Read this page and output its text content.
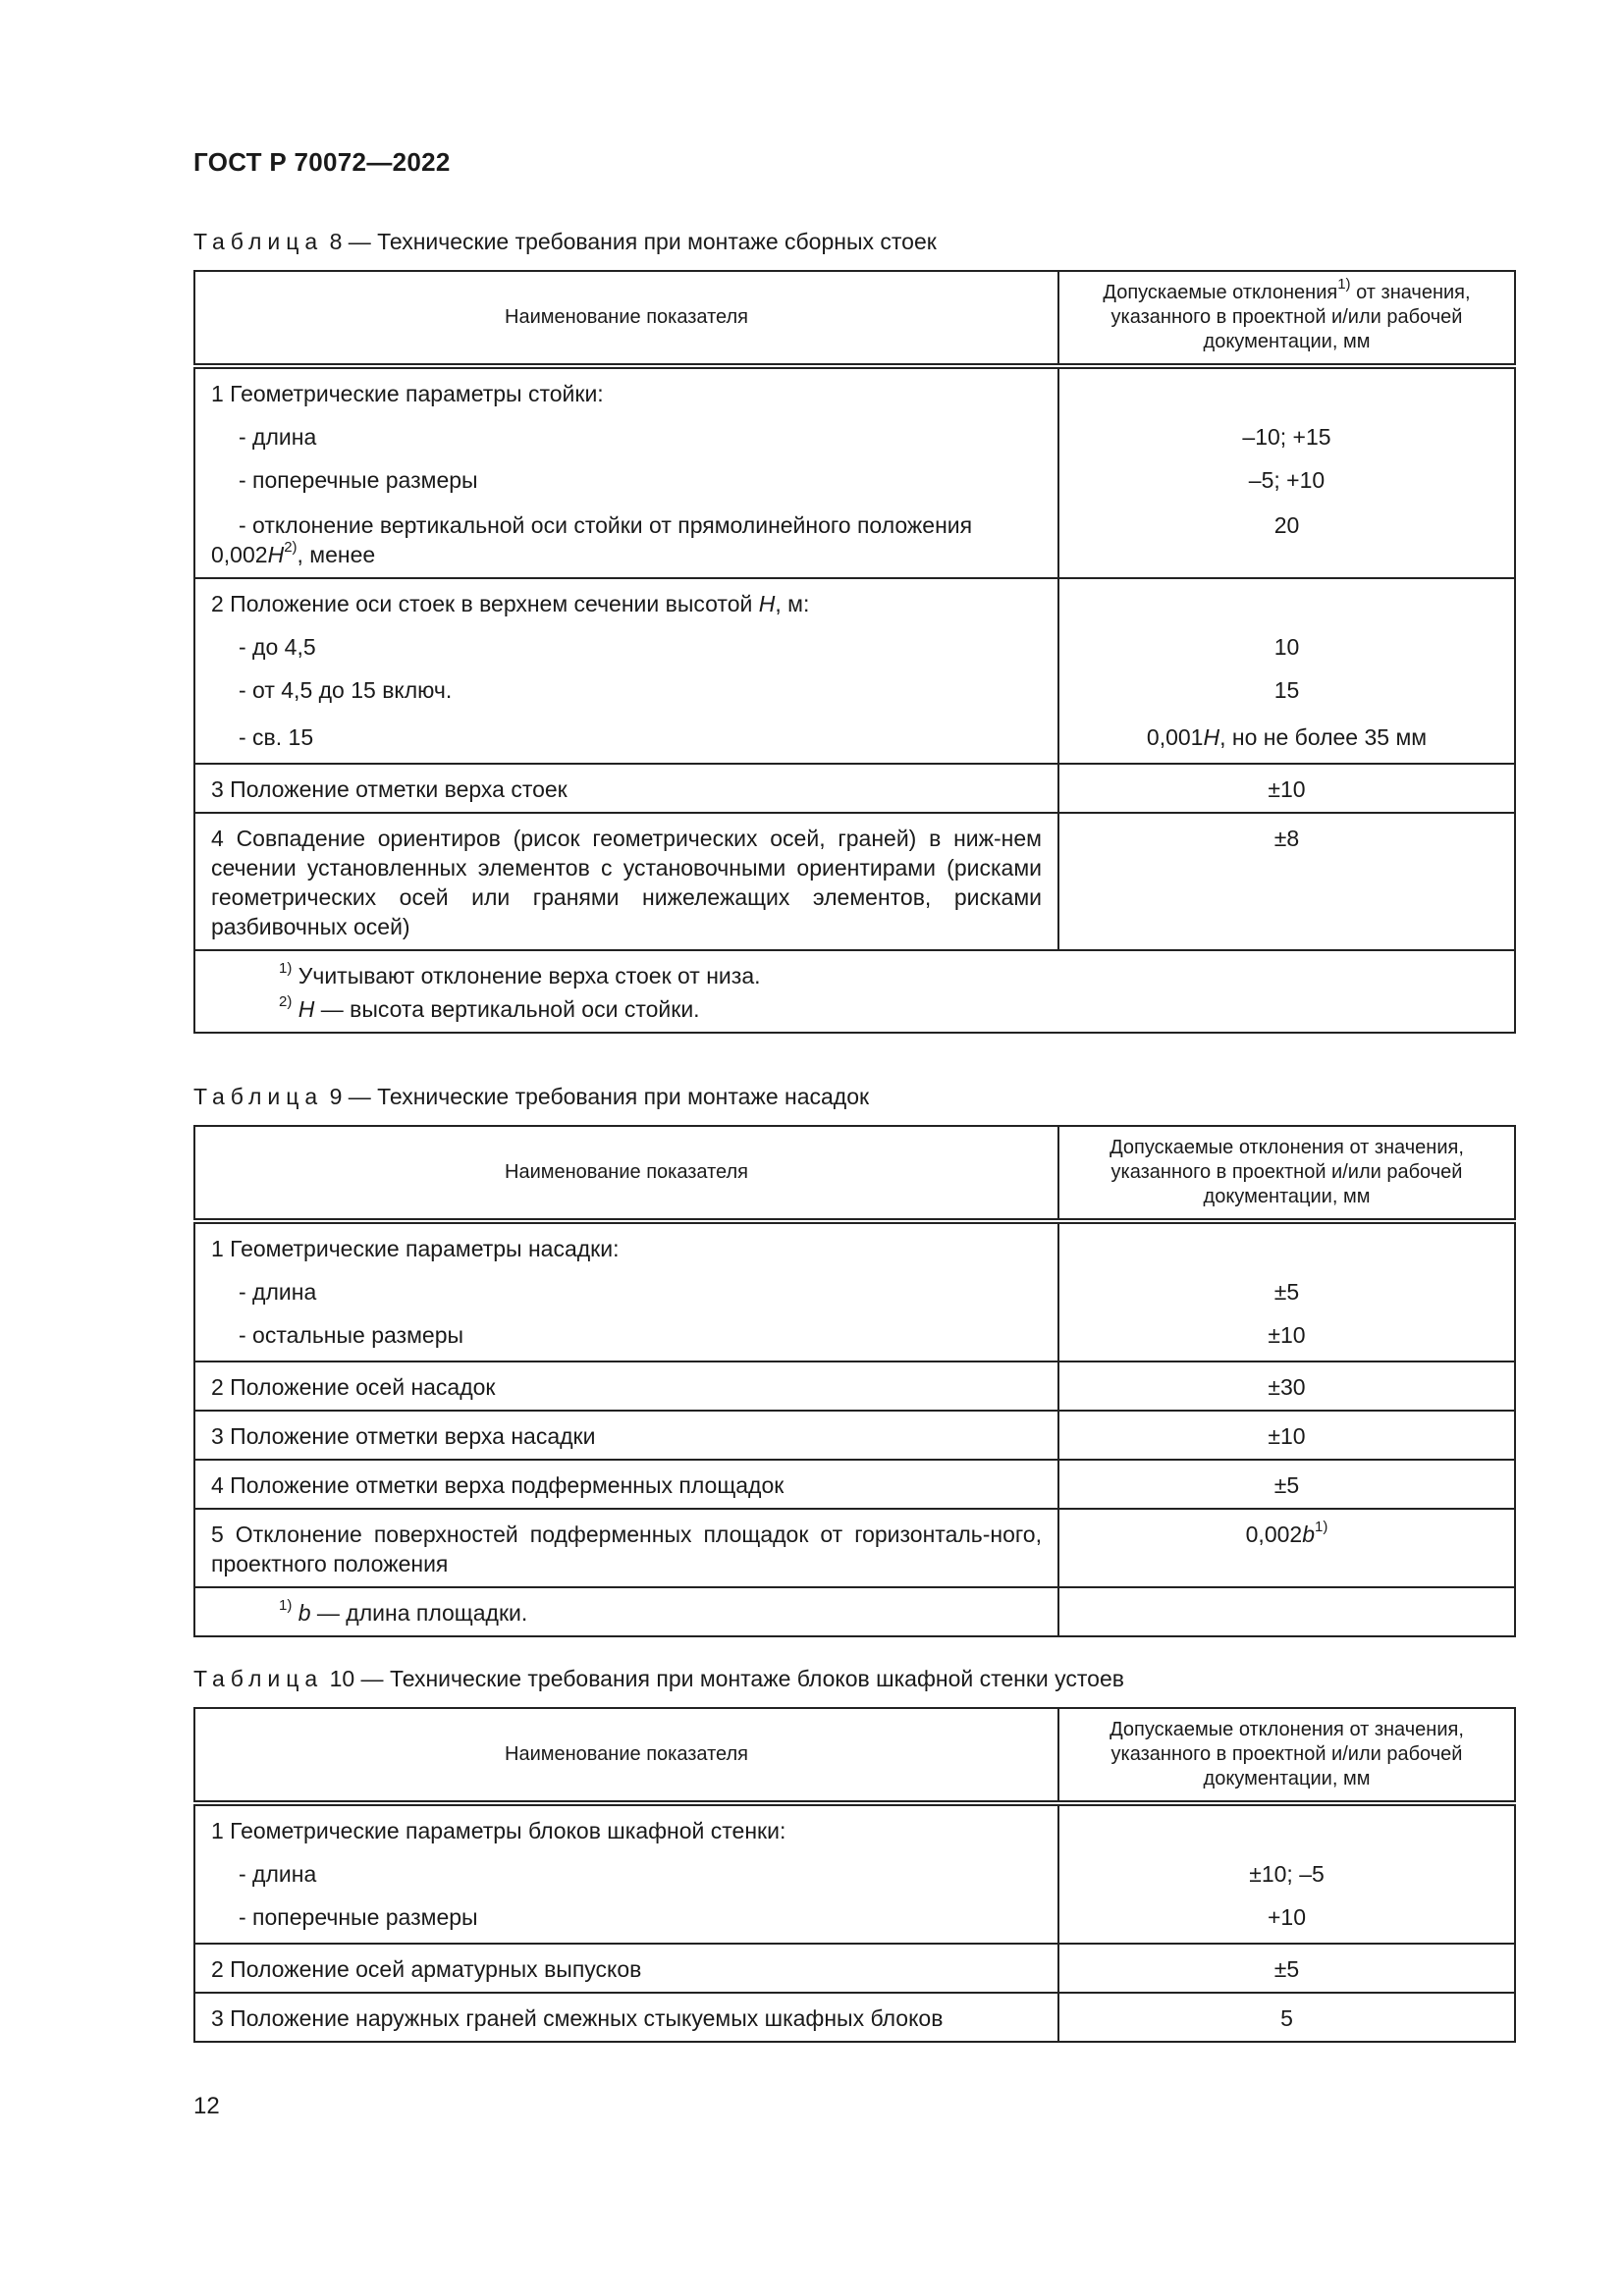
ГОСТ Р 70072—2022
Таблица 8 — Технические требования при монтаже сборных стоек
Наименование показателя	Допускаемые отклонения$^{1)}$ от значения, указанного в проектной и/или рабочей документации, мм
1 Геометрические параметры стойки:	
- длина	–10; +15
- поперечные размеры	–5; +10
- отклонение вертикальной оси стойки от прямолинейного положения
$0,002H^{2)}$, менее	20
2 Положение оси стоек в верхнем сечении высотой H, м:	
- до 4,5	10
- от 4,5 до 15 включ.	15
- св. 15	0,001H, но не более 35 мм
3 Положение отметки верха стоек	±10
4 Совпадение ориентиров (рисок геометрических осей, граней) в ниж-нем сечении установленных элементов с установочными ориентирами (рисками геометрических осей или гранями нижележащих элементов, рисками разбивочных осей)	±8
$^{1)}$ Учитывают отклонение верха стоек от низа.	
$^{2)}$ H — высота вертикальной оси стойки.	
Таблица 9 — Технические требования при монтаже насадок
Наименование показателя	Допускаемые отклонения от значения, указанного в проектной и/или рабочей документации, мм
1 Геометрические параметры насадки:	
- длина	±5
- остальные размеры	±10
2 Положение осей насадок	±30
3 Положение отметки верха насадки	±10
4 Положение отметки верха подферменных площадок	±5
5 Отклонение поверхностей подферменных площадок от горизонталь-ного, проектного положения	$0,002b^{1)}$
$^{1)}$ b — длина площадки.	
Таблица 10 — Технические требования при монтаже блоков шкафной стенки устоев
Наименование показателя	Допускаемые отклонения от значения, указанного в проектной и/или рабочей документации, мм
1 Геометрические параметры блоков шкафной стенки:	
- длина	±10; –5
- поперечные размеры	+10
2 Положение осей арматурных выпусков	±5
3 Положение наружных граней смежных стыкуемых шкафных блоков	5
12
